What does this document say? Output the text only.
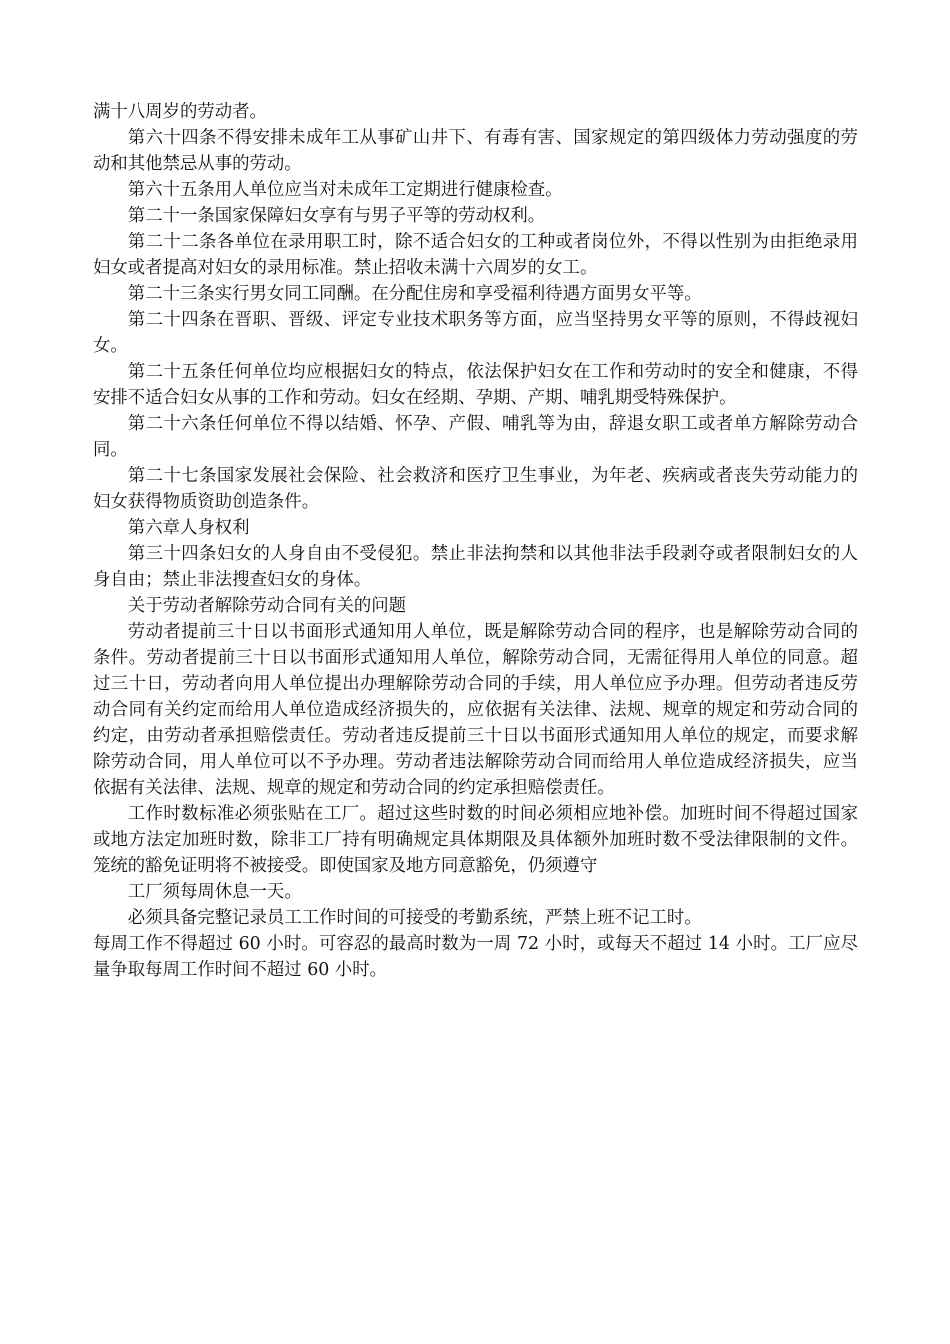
满十八周岁的劳动者。

第六十四条不得安排未成年工从事矿山井下、有毒有害、国家规定的第四级体力劳动强度的劳动和其他禁忌从事的劳动。

第六十五条用人单位应当对未成年工定期进行健康检查。

第二十一条国家保障妇女享有与男子平等的劳动权利。

第二十二条各单位在录用职工时，除不适合妇女的工种或者岗位外，不得以性别为由拒绝录用妇女或者提高对妇女的录用标准。禁止招收未满十六周岁的女工。

第二十三条实行男女同工同酬。在分配住房和享受福利待遇方面男女平等。

第二十四条在晋职、晋级、评定专业技术职务等方面，应当坚持男女平等的原则，不得歧视妇女。

第二十五条任何单位均应根据妇女的特点，依法保护妇女在工作和劳动时的安全和健康，不得安排不适合妇女从事的工作和劳动。妇女在经期、孕期、产期、哺乳期受特殊保护。

第二十六条任何单位不得以结婚、怀孕、产假、哺乳等为由，辞退女职工或者单方解除劳动合同。

第二十七条国家发展社会保险、社会救济和医疗卫生事业，为年老、疾病或者丧失劳动能力的妇女获得物质资助创造条件。

第六章人身权利

第三十四条妇女的人身自由不受侵犯。禁止非法拘禁和以其他非法手段剥夺或者限制妇女的人身自由；禁止非法搜查妇女的身体。

关于劳动者解除劳动合同有关的问题

劳动者提前三十日以书面形式通知用人单位，既是解除劳动合同的程序，也是解除劳动合同的条件。劳动者提前三十日以书面形式通知用人单位，解除劳动合同，无需征得用人单位的同意。超过三十日，劳动者向用人单位提出办理解除劳动合同的手续，用人单位应予办理。但劳动者违反劳动合同有关约定而给用人单位造成经济损失的，应依据有关法律、法规、规章的规定和劳动合同的约定，由劳动者承担赔偿责任。劳动者违反提前三十日以书面形式通知用人单位的规定，而要求解除劳动合同，用人单位可以不予办理。劳动者违法解除劳动合同而给用人单位造成经济损失，应当依据有关法律、法规、规章的规定和劳动合同的约定承担赔偿责任。

工作时数标准必须张贴在工厂。超过这些时数的时间必须相应地补偿。加班时间不得超过国家或地方法定加班时数，除非工厂持有明确规定具体期限及具体额外加班时数不受法律限制的文件。笼统的豁免证明将不被接受。即使国家及地方同意豁免，仍须遵守

工厂须每周休息一天。

必须具备完整记录员工工作时间的可接受的考勤系统，严禁上班不记工时。

每周工作不得超过 60 小时。可容忍的最高时数为一周 72 小时，或每天不超过 14 小时。工厂应尽量争取每周工作时间不超过 60 小时。
